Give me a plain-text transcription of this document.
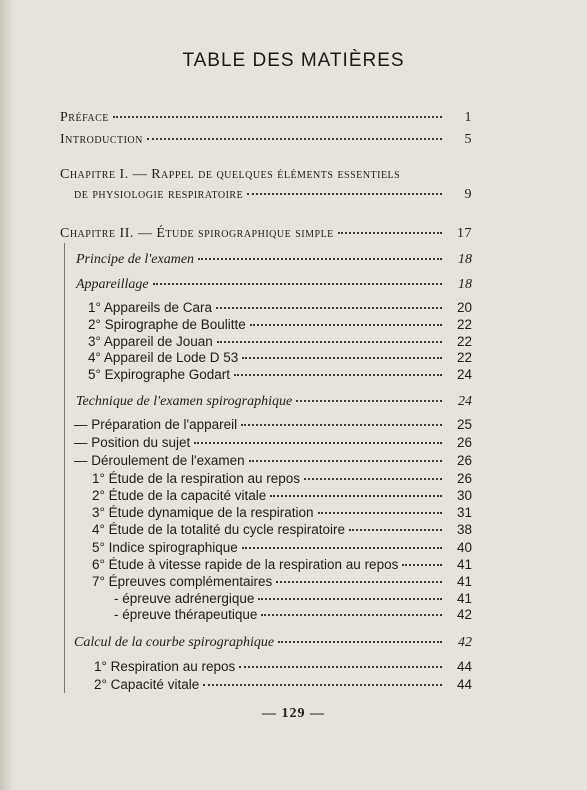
TABLE DES MATIÈRES
Préface	1
Introduction	5
Chapitre I. — Rappel de quelques éléments essentiels
de physiologie respiratoire	9
Chapitre II. — Étude spirographique simple	17
Principe de l'examen	18
Appareillage	18
1° Appareils de Cara	20
2° Spirographe de Boulitte	22
3° Appareil de Jouan	22
4° Appareil de Lode D 53	22
5° Expirographe Godart	24
Technique de l'examen spirographique	24
— Préparation de l'appareil	25
— Position du sujet	26
— Déroulement de l'examen	26
1° Étude de la respiration au repos	26
2° Étude de la capacité vitale	30
3° Étude dynamique de la respiration	31
4° Étude de la totalité du cycle respiratoire	38
5° Indice spirographique	40
6° Étude à vitesse rapide de la respiration au repos	41
7° Épreuves complémentaires	41
- épreuve adrénergique	41
- épreuve thérapeutique	42
Calcul de la courbe spirographique	42
1° Respiration au repos	44
2° Capacité vitale	44
— 129 —
